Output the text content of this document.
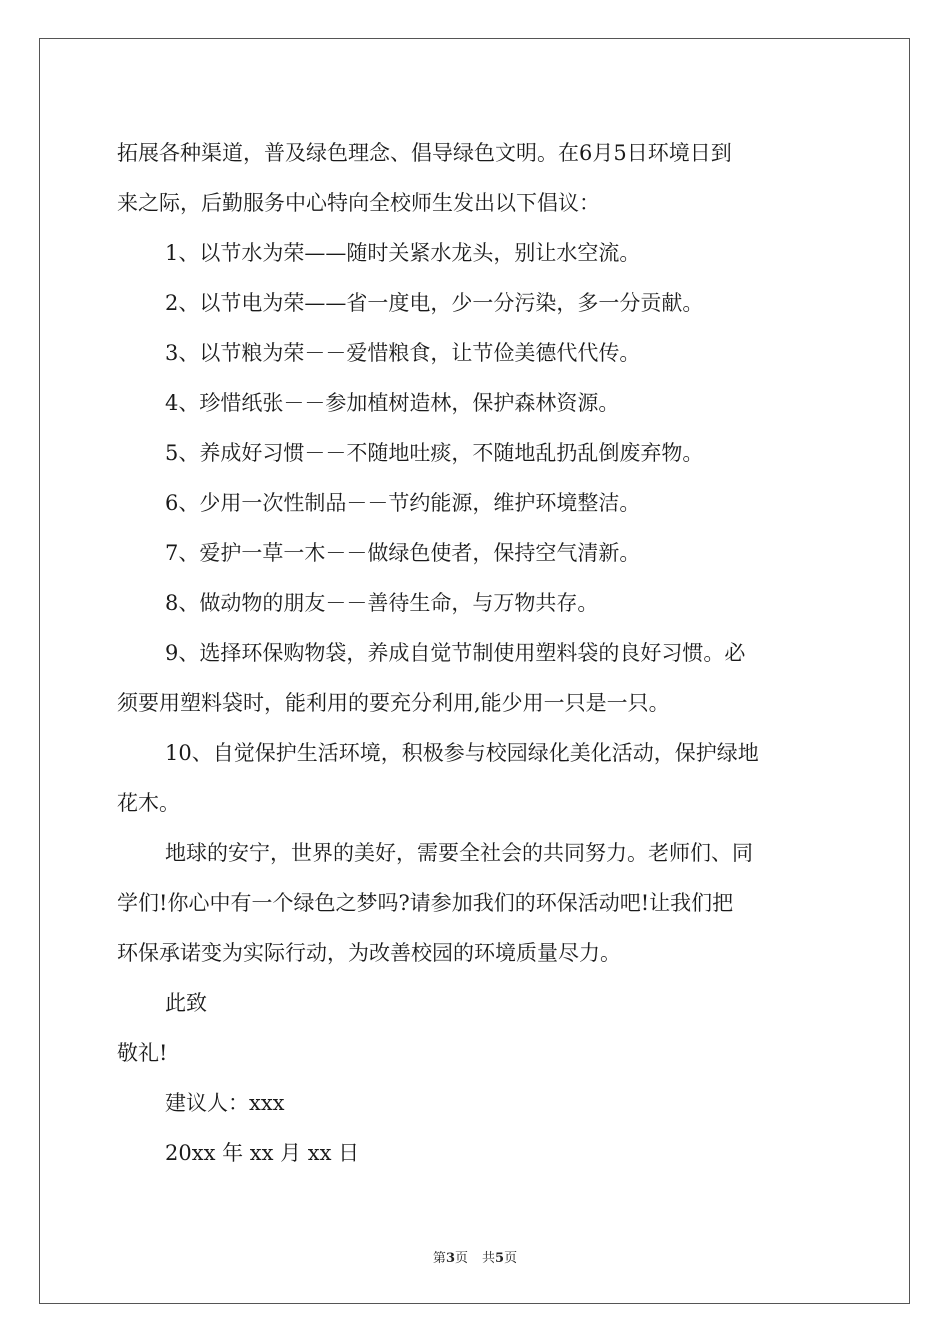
拓展各种渠道，普及绿色理念、倡导绿色文明。在6月5日环境日到
来之际，后勤服务中心特向全校师生发出以下倡议：
1、以节水为荣——随时关紧水龙头，别让水空流。
2、以节电为荣——省一度电，少一分污染，多一分贡献。
3、以节粮为荣－－爱惜粮食，让节俭美德代代传。
4、珍惜纸张－－参加植树造林，保护森林资源。
5、养成好习惯－－不随地吐痰，不随地乱扔乱倒废弃物。
6、少用一次性制品－－节约能源，维护环境整洁。
7、爱护一草一木－－做绿色使者，保持空气清新。
8、做动物的朋友－－善待生命，与万物共存。
9、选择环保购物袋，养成自觉节制使用塑料袋的良好习惯。必
须要用塑料袋时，能利用的要充分利用,能少用一只是一只。
10、自觉保护生活环境，积极参与校园绿化美化活动，保护绿地
花木。
地球的安宁，世界的美好，需要全社会的共同努力。老师们、同
学们!你心中有一个绿色之梦吗?请参加我们的环保活动吧!让我们把
环保承诺变为实际行动，为改善校园的环境质量尽力。
此致
敬礼!
建议人：xxx
20xx 年 xx 月 xx 日
第3页 共5页
